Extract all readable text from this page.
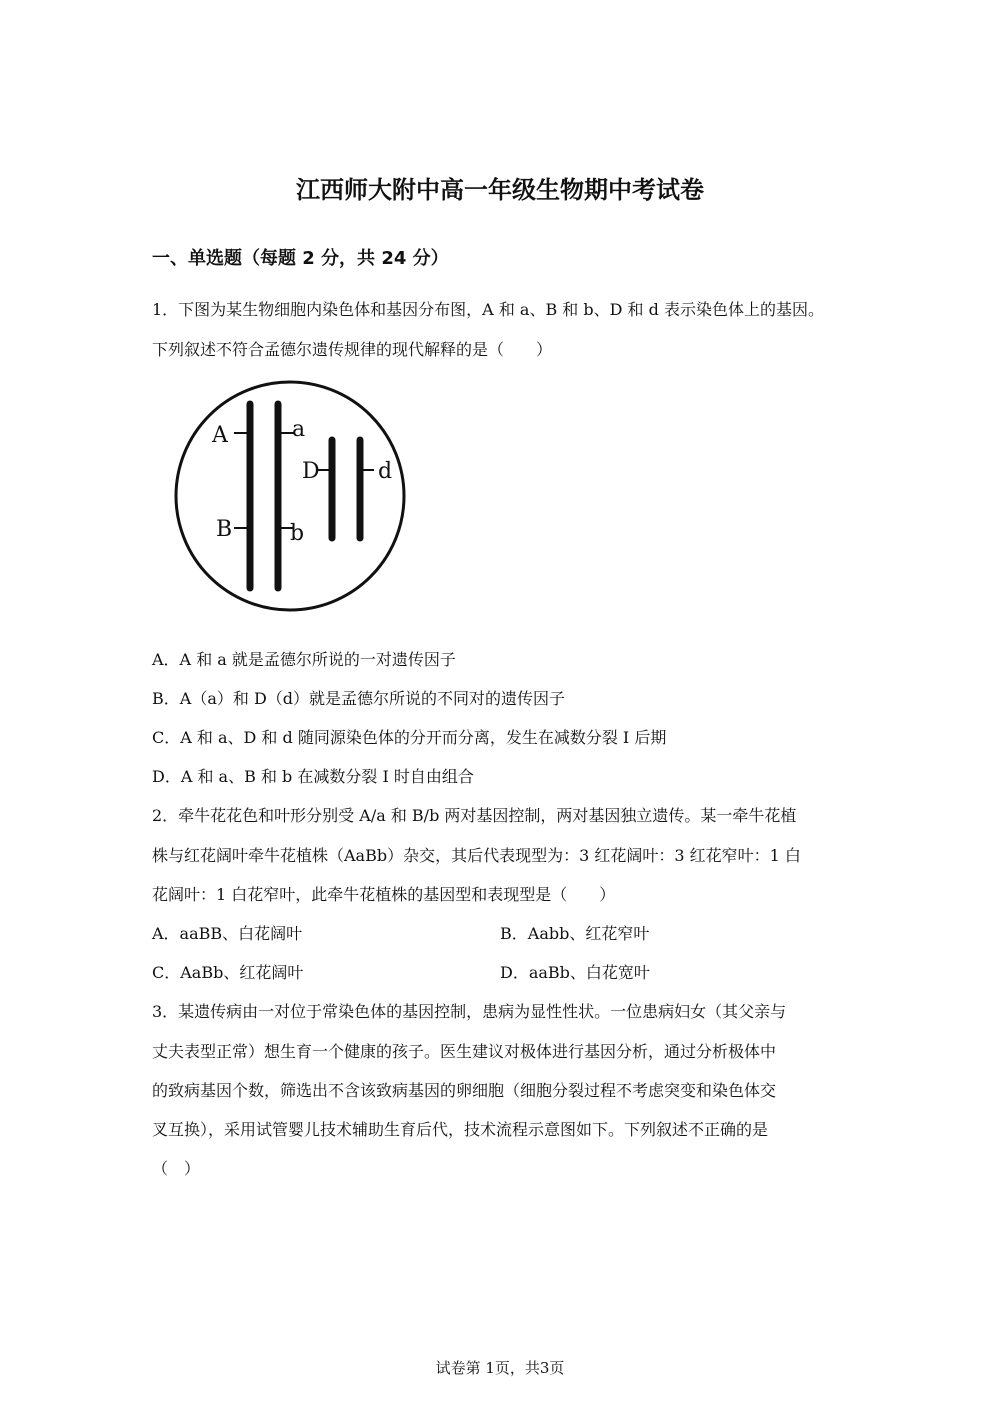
江西师大附中高一年级生物期中考试卷
一、单选题（每题 2 分，共 24 分）
1．下图为某生物细胞内染色体和基因分布图，A 和 a、B 和 b、D 和 d 表示染色体上的基因。
下列叙述不符合孟德尔遗传规律的现代解释的是（　　）
A	a
B	b
D	d
A．A 和 a 就是孟德尔所说的一对遗传因子
B．A（a）和 D（d）就是孟德尔所说的不同对的遗传因子
C．A 和 a、D 和 d 随同源染色体的分开而分离，发生在减数分裂 I 后期
D．A 和 a、B 和 b 在减数分裂 I 时自由组合
2．牵牛花花色和叶形分别受 A/a 和 B/b 两对基因控制，两对基因独立遗传。某一牵牛花植
株与红花阔叶牵牛花植株（AaBb）杂交，其后代表现型为：3 红花阔叶：3 红花窄叶：1 白
花阔叶：1 白花窄叶，此牵牛花植株的基因型和表现型是（　　）
A．aaBB、白花阔叶	B．Aabb、红花窄叶
C．AaBb、红花阔叶	D．aaBb、白花宽叶
3．某遗传病由一对位于常染色体的基因控制，患病为显性性状。一位患病妇女（其父亲与
丈夫表型正常）想生育一个健康的孩子。医生建议对极体进行基因分析，通过分析极体中
的致病基因个数，筛选出不含该致病基因的卵细胞（细胞分裂过程不考虑突变和染色体交
叉互换），采用试管婴儿技术辅助生育后代，技术流程示意图如下。下列叙述不正确的是
（　）
试卷第 1页，共3页
